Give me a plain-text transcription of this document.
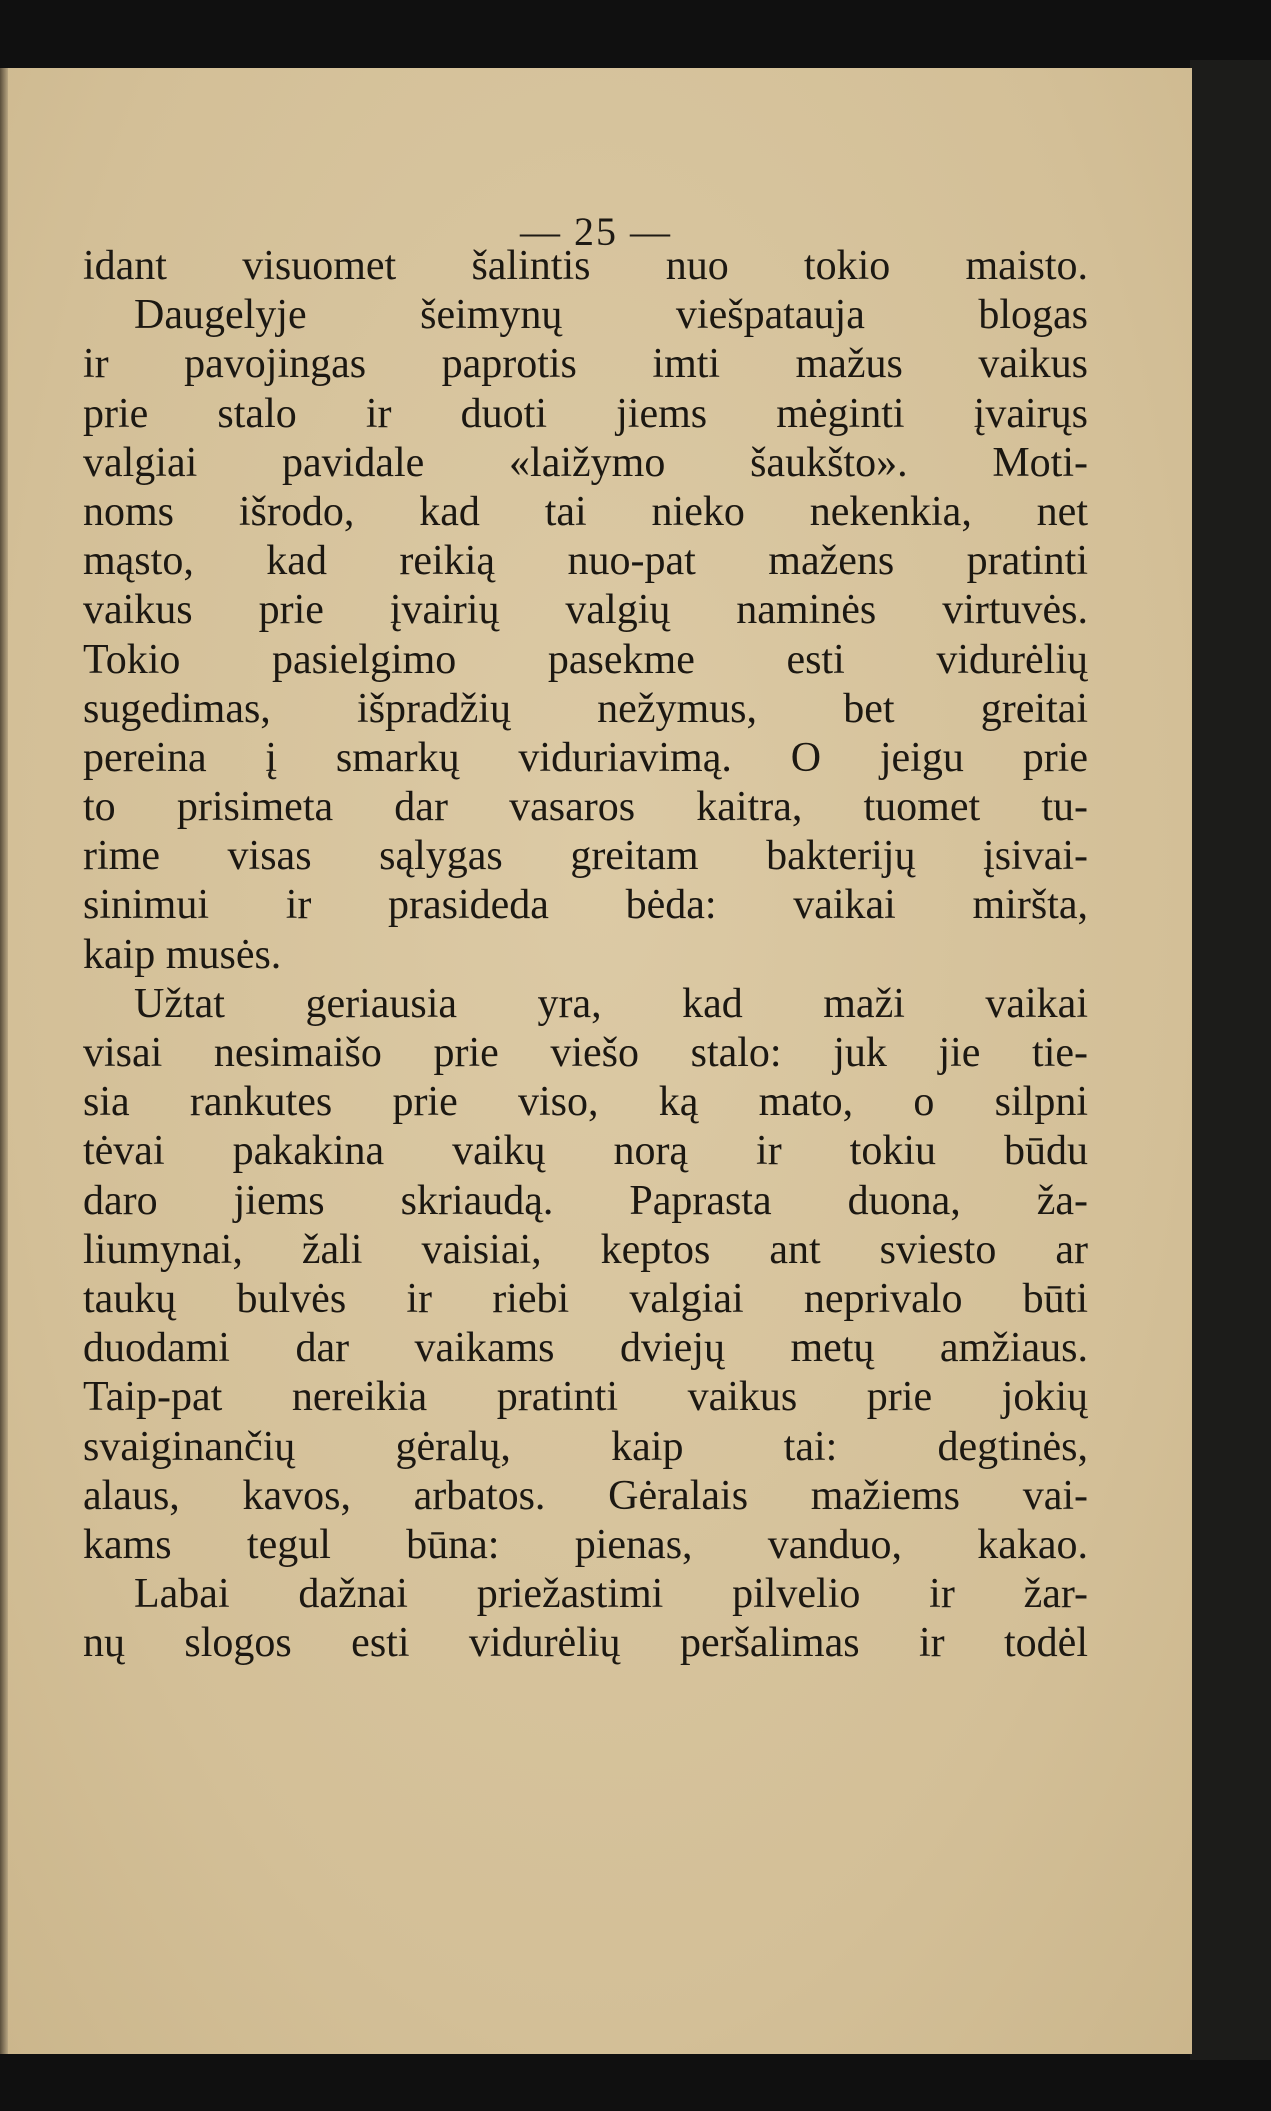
— 25 —
idant visuomet šalintis nuo tokio maisto.
Daugelyje šeimynų viešpatauja blogas
ir pavojingas paprotis imti mažus vaikus
prie stalo ir duoti jiems mėginti įvairųs
valgiai pavidale «laižymo šaukšto». Moti-
noms išrodo, kad tai nieko nekenkia, net
mąsto, kad reikią nuo-pat mažens pratinti
vaikus prie įvairių valgių naminės virtuvės.
Tokio pasielgimo pasekme esti vidurėlių
sugedimas, išpradžių nežymus, bet greitai
pereina į smarkų viduriavimą. O jeigu prie
to prisimeta dar vasaros kaitra, tuomet tu-
rime visas sąlygas greitam bakterijų įsivai-
sinimui ir prasideda bėda: vaikai miršta,
kaip musės.
Užtat geriausia yra, kad maži vaikai
visai nesimaišo prie viešo stalo: juk jie tie-
sia rankutes prie viso, ką mato, o silpni
tėvai pakakina vaikų norą ir tokiu būdu
daro jiems skriaudą. Paprasta duona, ža-
liumynai, žali vaisiai, keptos ant sviesto ar
taukų bulvės ir riebi valgiai neprivalo būti
duodami dar vaikams dviejų metų amžiaus.
Taip-pat nereikia pratinti vaikus prie jokių
svaiginančių gėralų, kaip tai: degtinės,
alaus, kavos, arbatos. Gėralais mažiems vai-
kams tegul būna: pienas, vanduo, kakao.
Labai dažnai priežastimi pilvelio ir žar-
nų slogos esti vidurėlių peršalimas ir todėl
